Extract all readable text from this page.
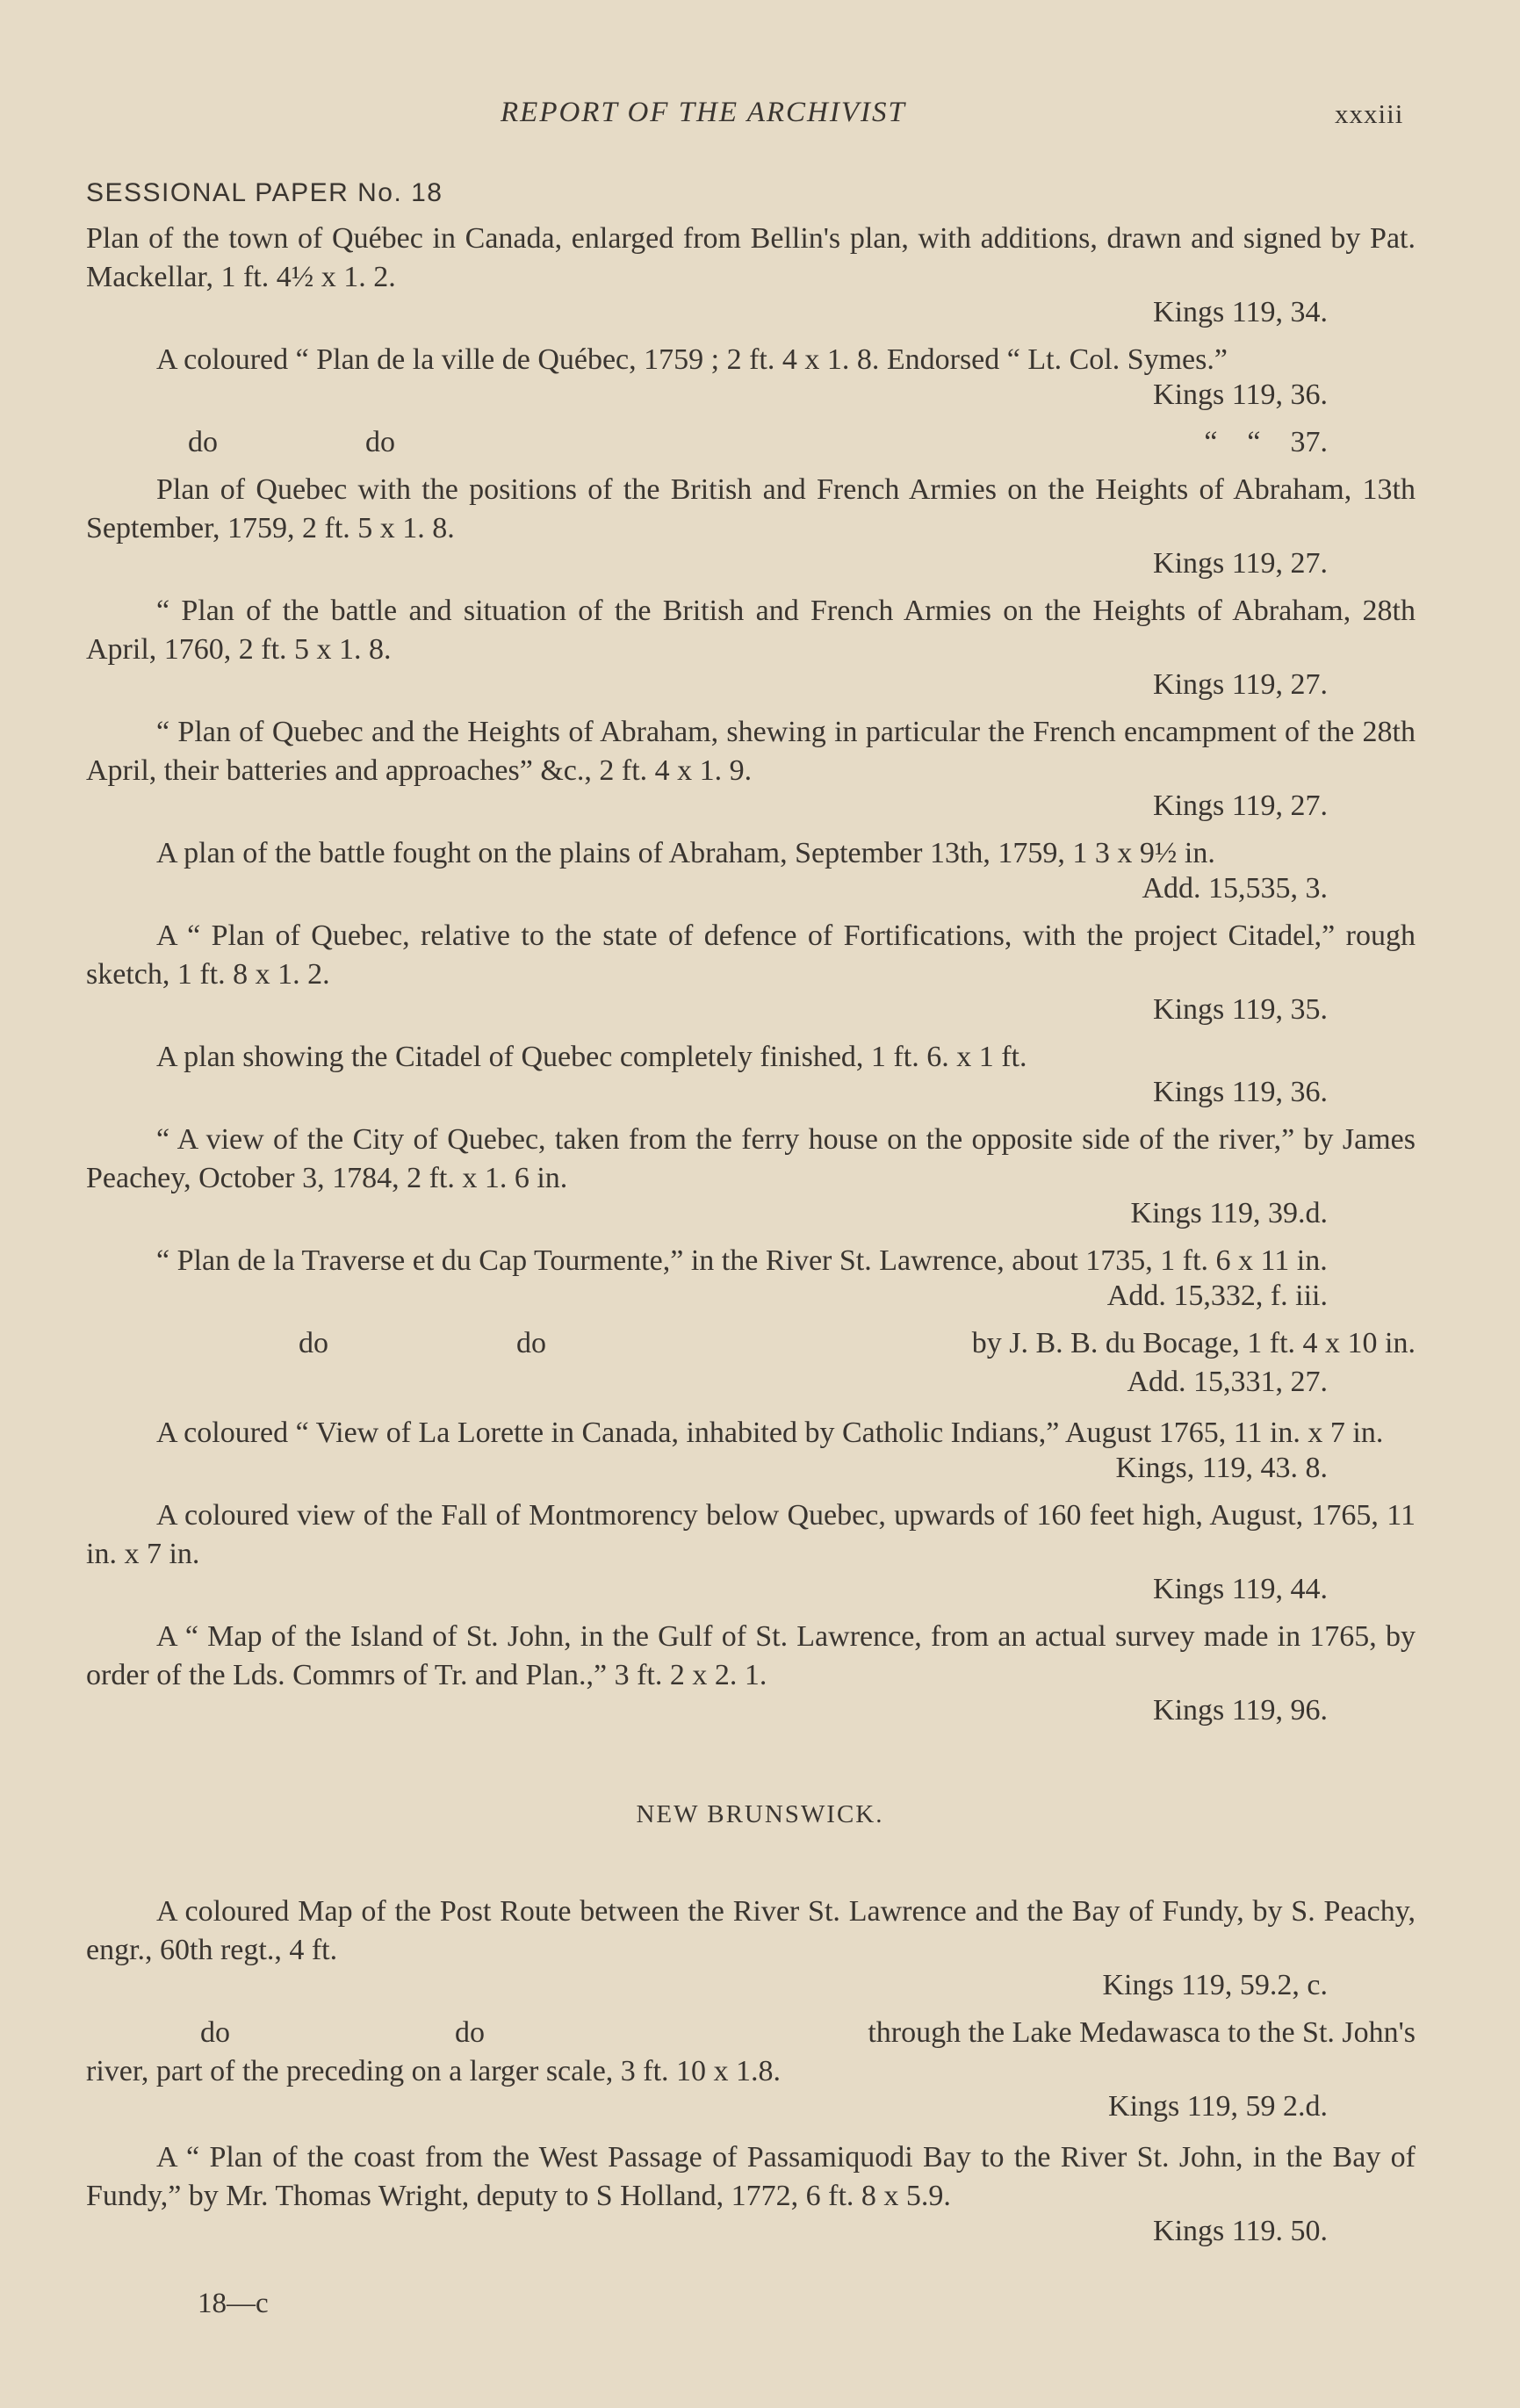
REPORT OF THE ARCHIVIST	xxxiii
SESSIONAL PAPER No. 18
Plan of the town of Québec in Canada, enlarged from Bellin's plan, with additions, drawn and signed by Pat. Mackellar, 1 ft. 4½ x 1. 2.
Kings 119, 34.
A coloured “ Plan de la ville de Québec, 1759 ; 2 ft. 4 x 1. 8. Endorsed “ Lt. Col. Symes.”
Kings 119, 36.
do	do	“    “    37.
Plan of Quebec with the positions of the British and French Armies on the Heights of Abraham, 13th September, 1759, 2 ft. 5 x 1. 8.
Kings 119, 27.
“ Plan of the battle and situation of the British and French Armies on the Heights of Abraham, 28th April, 1760, 2 ft. 5 x 1. 8.
Kings 119, 27.
“ Plan of Quebec and the Heights of Abraham, shewing in particular the French encampment of the 28th April, their batteries and approaches” &c., 2 ft. 4 x 1. 9.
Kings 119, 27.
A plan of the battle fought on the plains of Abraham, September 13th, 1759, 1 3 x 9½ in.
Add. 15,535, 3.
A “ Plan of Quebec, relative to the state of defence of Fortifications, with the project Citadel,” rough sketch, 1 ft. 8 x 1. 2.
Kings 119, 35.
A plan showing the Citadel of Quebec completely finished, 1 ft. 6. x 1 ft.
Kings 119, 36.
“ A view of the City of Quebec, taken from the ferry house on the opposite side of the river,” by James Peachey, October 3, 1784, 2 ft. x 1. 6 in.
Kings 119, 39.d.
“ Plan de la Traverse et du Cap Tourmente,” in the River St. Lawrence, about 1735, 1 ft. 6 x 11 in.
Add. 15,332, f. iii.
do	do	by J. B. B. du Bocage, 1 ft. 4 x 10 in.
Add. 15,331, 27.
A coloured “ View of La Lorette in Canada, inhabited by Catholic Indians,” August 1765, 11 in. x 7 in.
Kings, 119, 43. 8.
A coloured view of the Fall of Montmorency below Quebec, upwards of 160 feet high, August, 1765, 11 in. x 7 in.
Kings 119, 44.
A “ Map of the Island of St. John, in the Gulf of St. Lawrence, from an actual survey made in 1765, by order of the Lds. Commrs of Tr. and Plan.,” 3 ft. 2 x 2. 1.
Kings 119, 96.
NEW BRUNSWICK.
A coloured Map of the Post Route between the River St. Lawrence and the Bay of Fundy, by S. Peachy, engr., 60th regt., 4 ft.
Kings 119, 59.2, c.
do	do	through the Lake Medawasca to the St. John's
river, part of the preceding on a larger scale, 3 ft. 10 x 1.8.
Kings 119, 59 2.d.
A “ Plan of the coast from the West Passage of Passamiquodi Bay to the River St. John, in the Bay of Fundy,” by Mr. Thomas Wright, deputy to S Holland, 1772, 6 ft. 8 x 5.9.
Kings 119. 50.
18—c
